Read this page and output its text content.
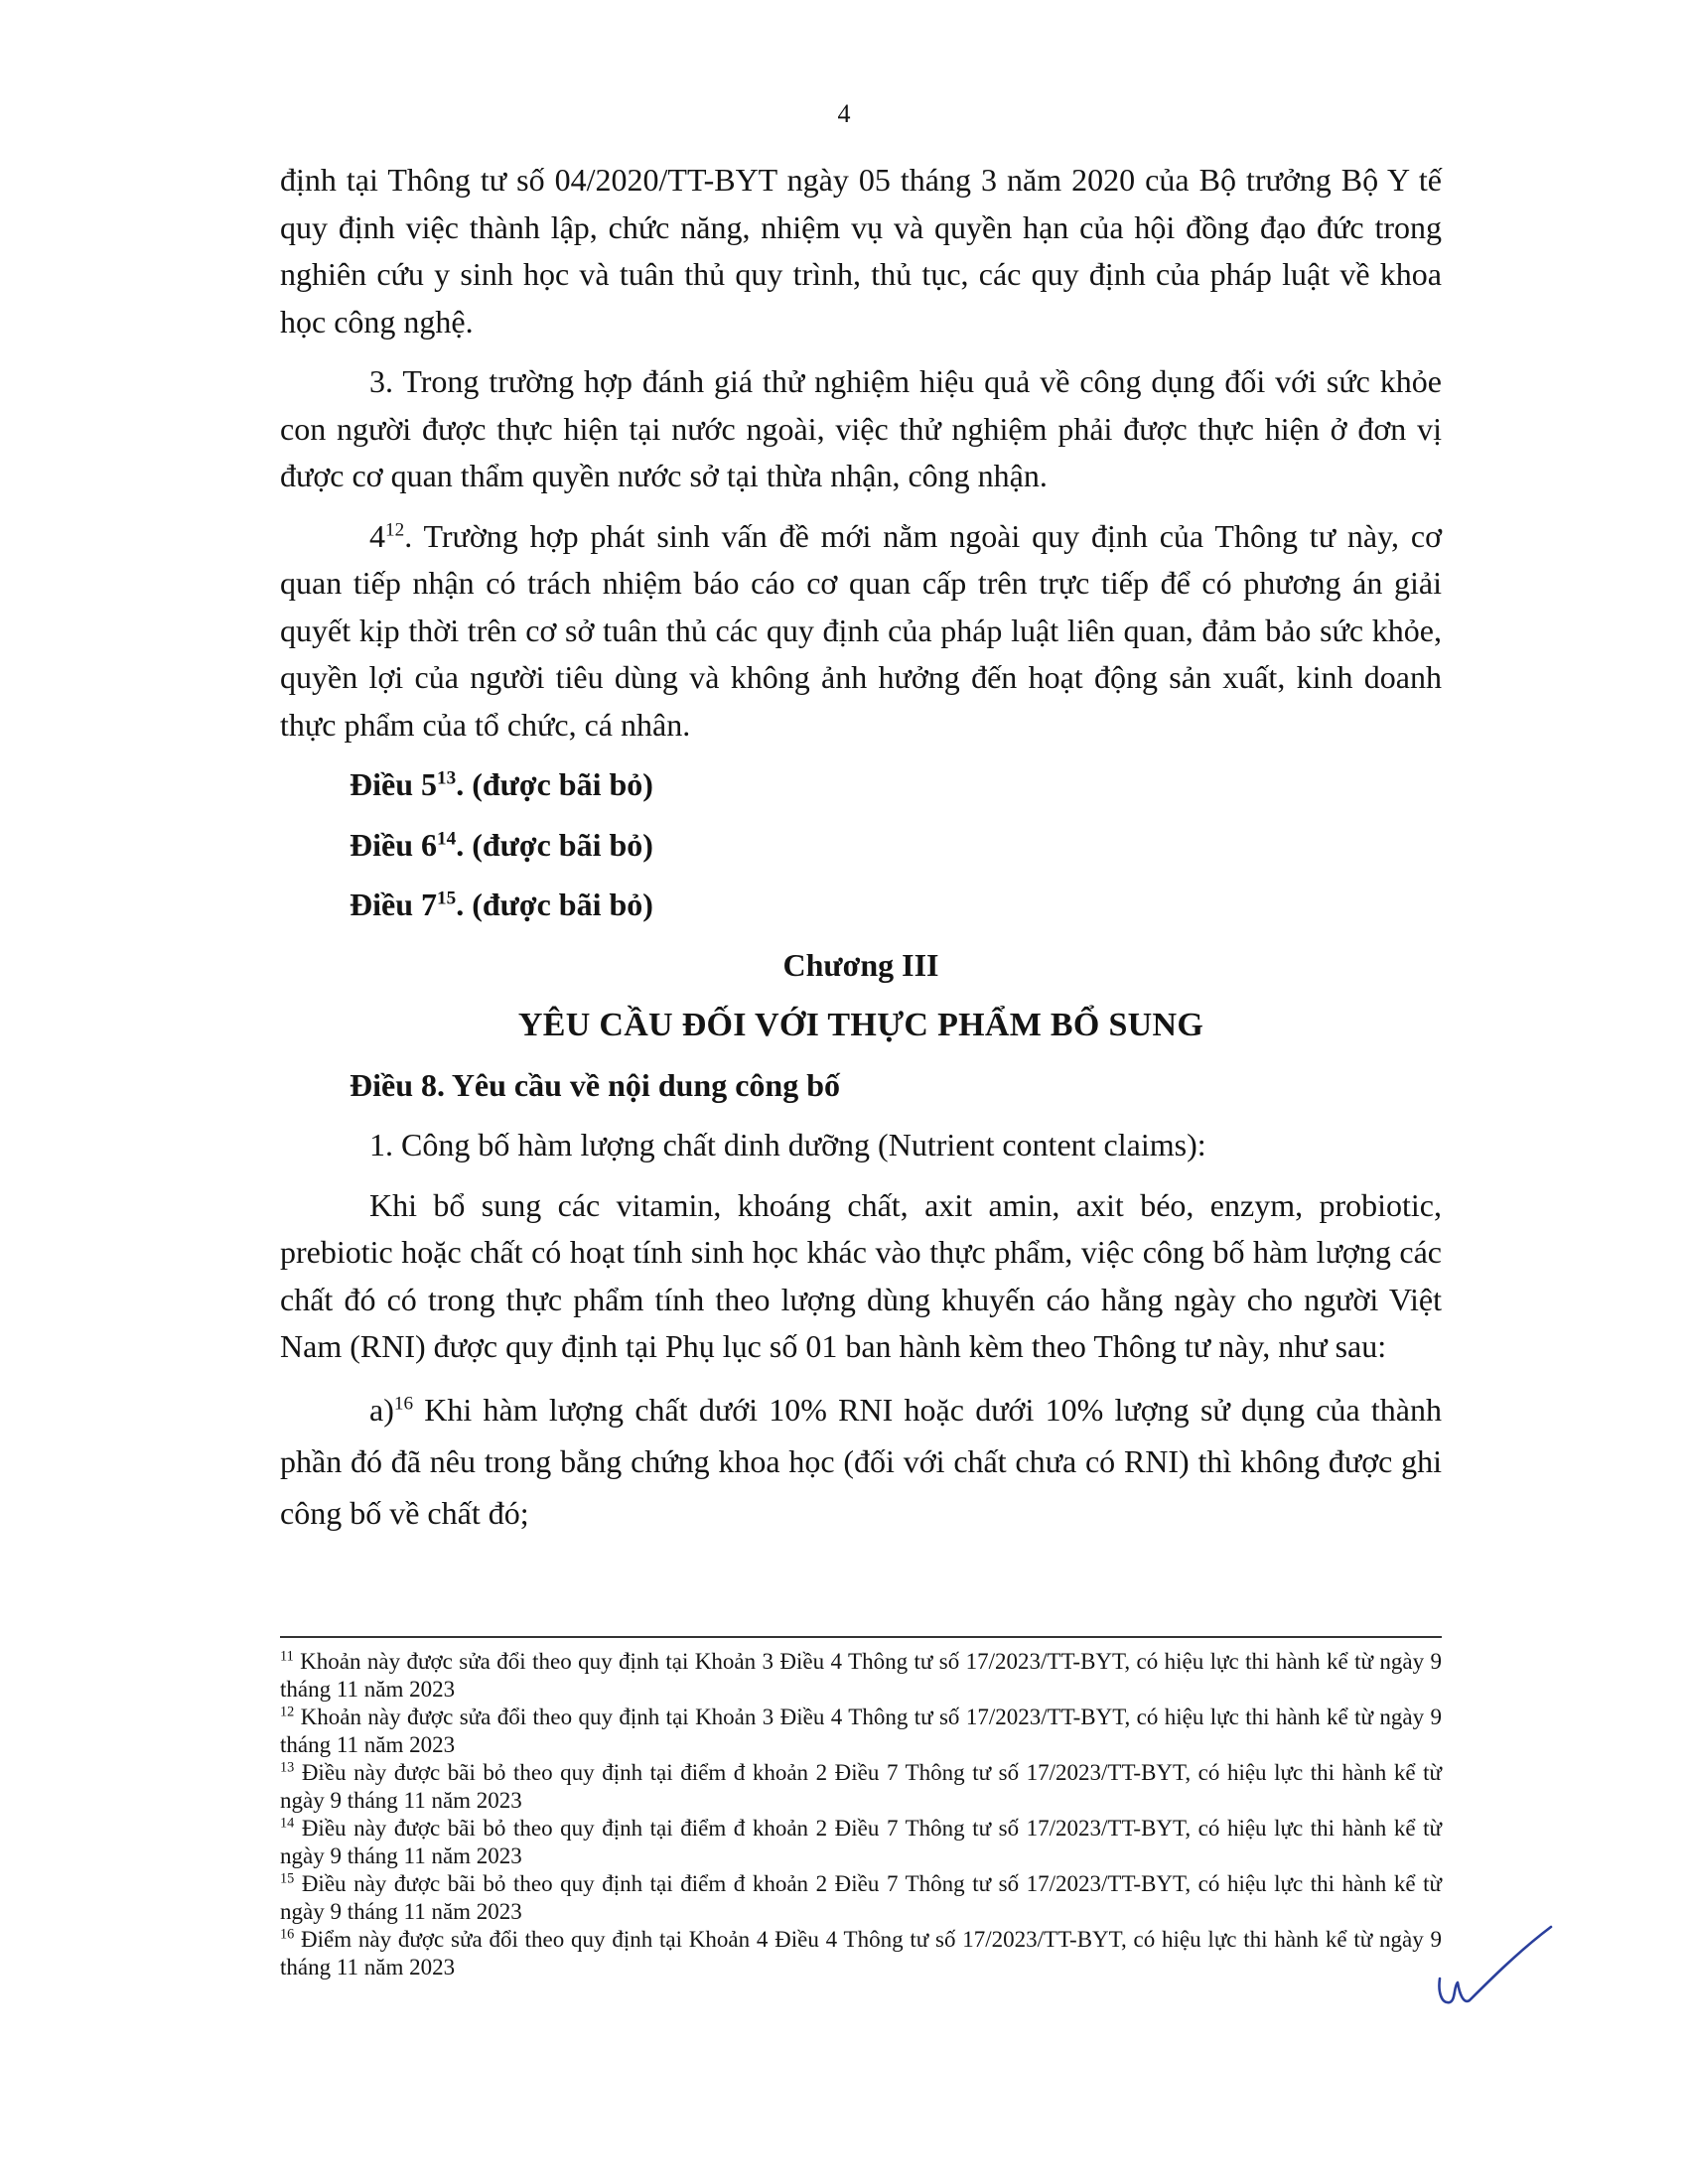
4

định tại Thông tư số 04/2020/TT-BYT ngày 05 tháng 3 năm 2020 của Bộ trưởng Bộ Y tế quy định việc thành lập, chức năng, nhiệm vụ và quyền hạn của hội đồng đạo đức trong nghiên cứu y sinh học và tuân thủ quy trình, thủ tục, các quy định của pháp luật về khoa học công nghệ.

3. Trong trường hợp đánh giá thử nghiệm hiệu quả về công dụng đối với sức khỏe con người được thực hiện tại nước ngoài, việc thử nghiệm phải được thực hiện ở đơn vị được cơ quan thẩm quyền nước sở tại thừa nhận, công nhận.

$4^{12}$. Trường hợp phát sinh vấn đề mới nằm ngoài quy định của Thông tư này, cơ quan tiếp nhận có trách nhiệm báo cáo cơ quan cấp trên trực tiếp để có phương án giải quyết kịp thời trên cơ sở tuân thủ các quy định của pháp luật liên quan, đảm bảo sức khỏe, quyền lợi của người tiêu dùng và không ảnh hưởng đến hoạt động sản xuất, kinh doanh thực phẩm của tổ chức, cá nhân.

Điều $5^{13}$. (được bãi bỏ)

Điều $6^{14}$. (được bãi bỏ)

Điều $7^{15}$. (được bãi bỏ)

Chương III

YÊU CẦU ĐỐI VỚI THỰC PHẨM BỔ SUNG

Điều 8. Yêu cầu về nội dung công bố

1. Công bố hàm lượng chất dinh dưỡng (Nutrient content claims):

Khi bổ sung các vitamin, khoáng chất, axit amin, axit béo, enzym, probiotic, prebiotic hoặc chất có hoạt tính sinh học khác vào thực phẩm, việc công bố hàm lượng các chất đó có trong thực phẩm tính theo lượng dùng khuyến cáo hằng ngày cho người Việt Nam (RNI) được quy định tại Phụ lục số 01 ban hành kèm theo Thông tư này, như sau:

a)$^{16}$ Khi hàm lượng chất dưới 10% RNI hoặc dưới 10% lượng sử dụng của thành phần đó đã nêu trong bằng chứng khoa học (đối với chất chưa có RNI) thì không được ghi công bố về chất đó;

$^{11}$ Khoản này được sửa đổi theo quy định tại Khoản 3 Điều 4 Thông tư số 17/2023/TT-BYT, có hiệu lực thi hành kể từ ngày 9 tháng 11 năm 2023

$^{12}$ Khoản này được sửa đổi theo quy định tại Khoản 3 Điều 4 Thông tư số 17/2023/TT-BYT, có hiệu lực thi hành kể từ ngày 9 tháng 11 năm 2023

$^{13}$ Điều này được bãi bỏ theo quy định tại điểm đ khoản 2 Điều 7 Thông tư số 17/2023/TT-BYT, có hiệu lực thi hành kể từ ngày 9 tháng 11 năm 2023

$^{14}$ Điều này được bãi bỏ theo quy định tại điểm đ khoản 2 Điều 7 Thông tư số 17/2023/TT-BYT, có hiệu lực thi hành kể từ ngày 9 tháng 11 năm 2023

$^{15}$ Điều này được bãi bỏ theo quy định tại điểm đ khoản 2 Điều 7 Thông tư số 17/2023/TT-BYT, có hiệu lực thi hành kể từ ngày 9 tháng 11 năm 2023

$^{16}$ Điểm này được sửa đổi theo quy định tại Khoản 4 Điều 4 Thông tư số 17/2023/TT-BYT, có hiệu lực thi hành kể từ ngày 9 tháng 11 năm 2023
